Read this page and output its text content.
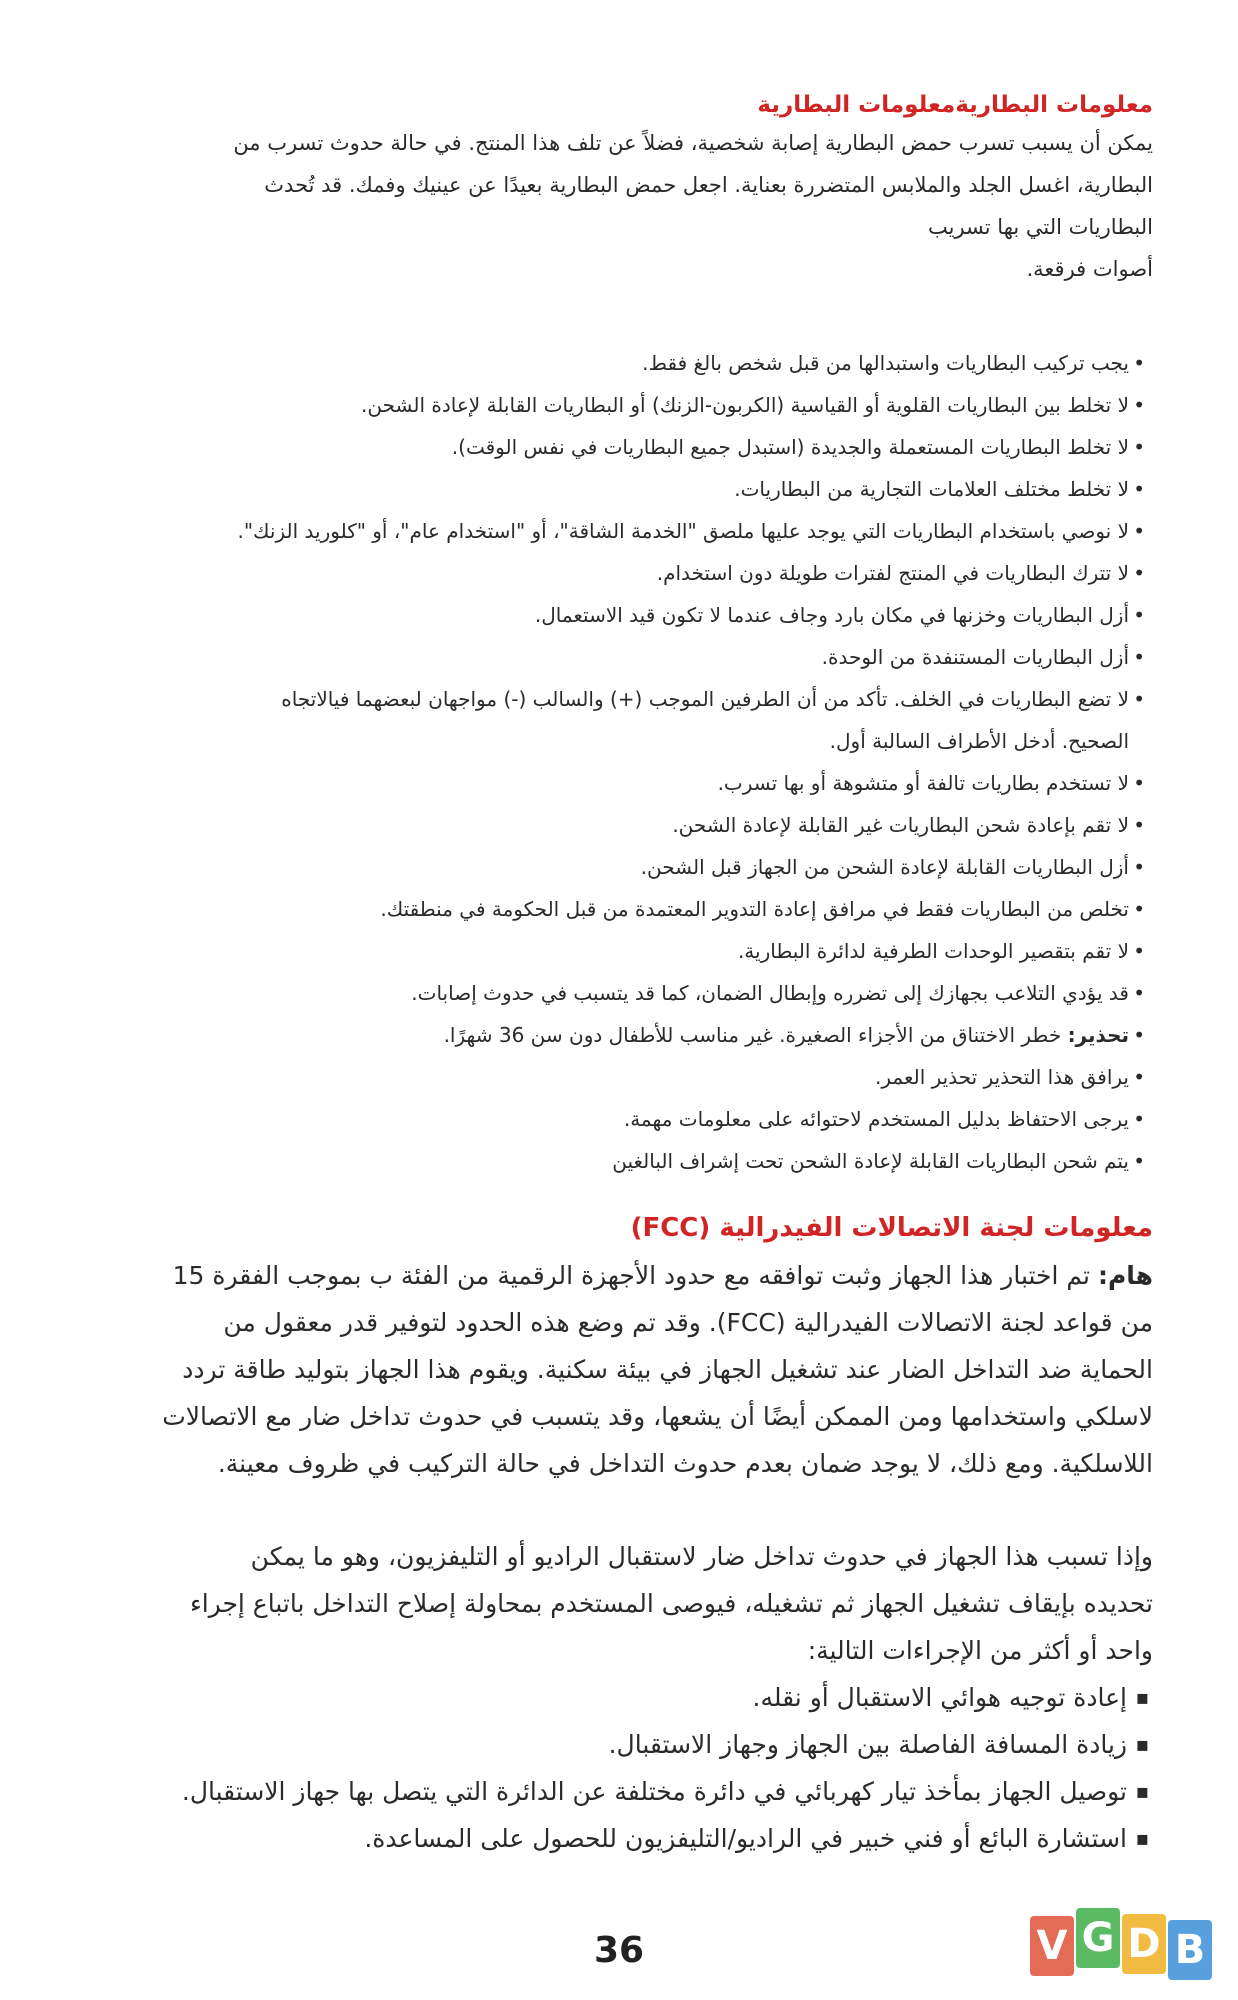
معلومات البطاريةمعلومات البطارية

يمكن أن يسبب تسرب حمض البطارية إصابة شخصية، فضلاً عن تلف هذا المنتج. في حالة حدوث تسرب من
البطارية، اغسل الجلد والملابس المتضررة بعناية. اجعل حمض البطارية بعيدًا عن عينيك وفمك. قد تُحدث
البطاريات التي بها تسريب
أصوات فرقعة.

• يجب تركيب البطاريات واستبدالها من قبل شخص بالغ فقط.
• لا تخلط بين البطاريات القلوية أو القياسية (الكربون-الزنك) أو البطاريات القابلة لإعادة الشحن.
• لا تخلط البطاريات المستعملة والجديدة (استبدل جميع البطاريات في نفس الوقت).
• لا تخلط مختلف العلامات التجارية من البطاريات.
• لا نوصي باستخدام البطاريات التي يوجد عليها ملصق "الخدمة الشاقة"، أو "استخدام عام"، أو "كلوريد الزنك".
• لا تترك البطاريات في المنتج لفترات طويلة دون استخدام.
• أزل البطاريات وخزنها في مكان بارد وجاف عندما لا تكون قيد الاستعمال.
• أزل البطاريات المستنفدة من الوحدة.
• لا تضع البطاريات في الخلف. تأكد من أن الطرفين الموجب (+) والسالب (-) مواجهان لبعضهما فيالاتجاه
الصحيح. أدخل الأطراف السالبة أول.
• لا تستخدم بطاريات تالفة أو متشوهة أو بها تسرب.
• لا تقم بإعادة شحن البطاريات غير القابلة لإعادة الشحن.
• أزل البطاريات القابلة لإعادة الشحن من الجهاز قبل الشحن.
• تخلص من البطاريات فقط في مرافق إعادة التدوير المعتمدة من قبل الحكومة في منطقتك.
• لا تقم بتقصير الوحدات الطرفية لدائرة البطارية.
• قد يؤدي التلاعب بجهازك إلى تضرره وإبطال الضمان، كما قد يتسبب في حدوث إصابات.
• تحذير: خطر الاختناق من الأجزاء الصغيرة. غير مناسب للأطفال دون سن 36 شهرًا.
• يرافق هذا التحذير تحذير العمر.
• يرجى الاحتفاظ بدليل المستخدم لاحتوائه على معلومات مهمة.
• يتم شحن البطاريات القابلة لإعادة الشحن تحت إشراف البالغين
معلومات لجنة الاتصالات الفيدرالية (FCC)

هام: تم اختبار هذا الجهاز وثبت توافقه مع حدود الأجهزة الرقمية من الفئة ب بموجب الفقرة 15
من قواعد لجنة الاتصالات الفيدرالية (FCC). وقد تم وضع هذه الحدود لتوفير قدر معقول من
الحماية ضد التداخل الضار عند تشغيل الجهاز في بيئة سكنية. ويقوم هذا الجهاز بتوليد طاقة تردد
لاسلكي واستخدامها ومن الممكن أيضًا أن يشعها، وقد يتسبب في حدوث تداخل ضار مع الاتصالات
اللاسلكية. ومع ذلك، لا يوجد ضمان بعدم حدوث التداخل في حالة التركيب في ظروف معينة.

وإذا تسبب هذا الجهاز في حدوث تداخل ضار لاستقبال الراديو أو التليفزيون، وهو ما يمكن
تحديده بإيقاف تشغيل الجهاز ثم تشغيله، فيوصى المستخدم بمحاولة إصلاح التداخل باتباع إجراء
واحد أو أكثر من الإجراءات التالية:

▪ إعادة توجيه هوائي الاستقبال أو نقله.
▪ زيادة المسافة الفاصلة بين الجهاز وجهاز الاستقبال.
▪ توصيل الجهاز بمأخذ تيار كهربائي في دائرة مختلفة عن الدائرة التي يتصل بها جهاز الاستقبال.
▪ استشارة البائع أو فني خبير في الراديو/التليفزيون للحصول على المساعدة.
36	V G D B
